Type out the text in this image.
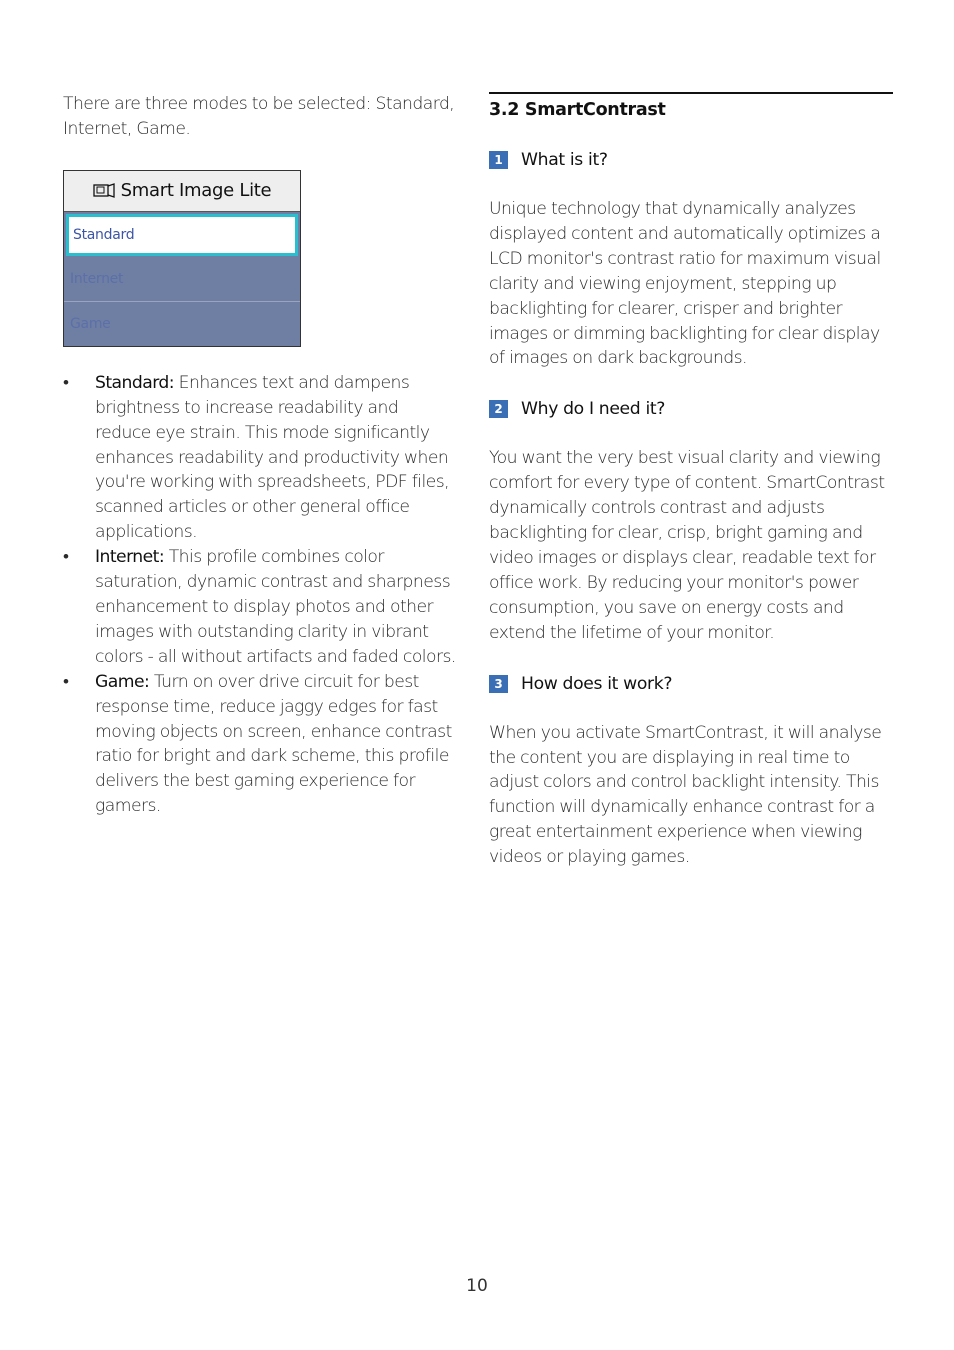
There are three modes to be selected: Standard, Internet, Game.

Smart Image Lite
Standard
Internet
Game
• Standard: Enhances text and dampens brightness to increase readability and reduce eye strain. This mode significantly enhances readability and productivity when you're working with spreadsheets, PDF files, scanned articles or other general office applications.
• Internet: This profile combines color saturation, dynamic contrast and sharpness enhancement to display photos and other images with outstanding clarity in vibrant colors - all without artifacts and faded colors.
• Game: Turn on over drive circuit for best response time, reduce jaggy edges for fast moving objects on screen, enhance contrast ratio for bright and dark scheme, this profile delivers the best gaming experience for gamers.
3.2 SmartContrast
1	What is it?

Unique technology that dynamically analyzes displayed content and automatically optimizes a LCD monitor's contrast ratio for maximum visual clarity and viewing enjoyment, stepping up backlighting for clearer, crisper and brighter images or dimming backlighting for clear display of images on dark backgrounds.

2	Why do I need it?

You want the very best visual clarity and viewing comfort for every type of content. SmartContrast dynamically controls contrast and adjusts backlighting for clear, crisp, bright gaming and video images or displays clear, readable text for office work. By reducing your monitor's power consumption, you save on energy costs and extend the lifetime of your monitor.

3	How does it work?

When you activate SmartContrast, it will analyse the content you are displaying in real time to adjust colors and control backlight intensity. This function will dynamically enhance contrast for a great entertainment experience when viewing videos or playing games.

10
